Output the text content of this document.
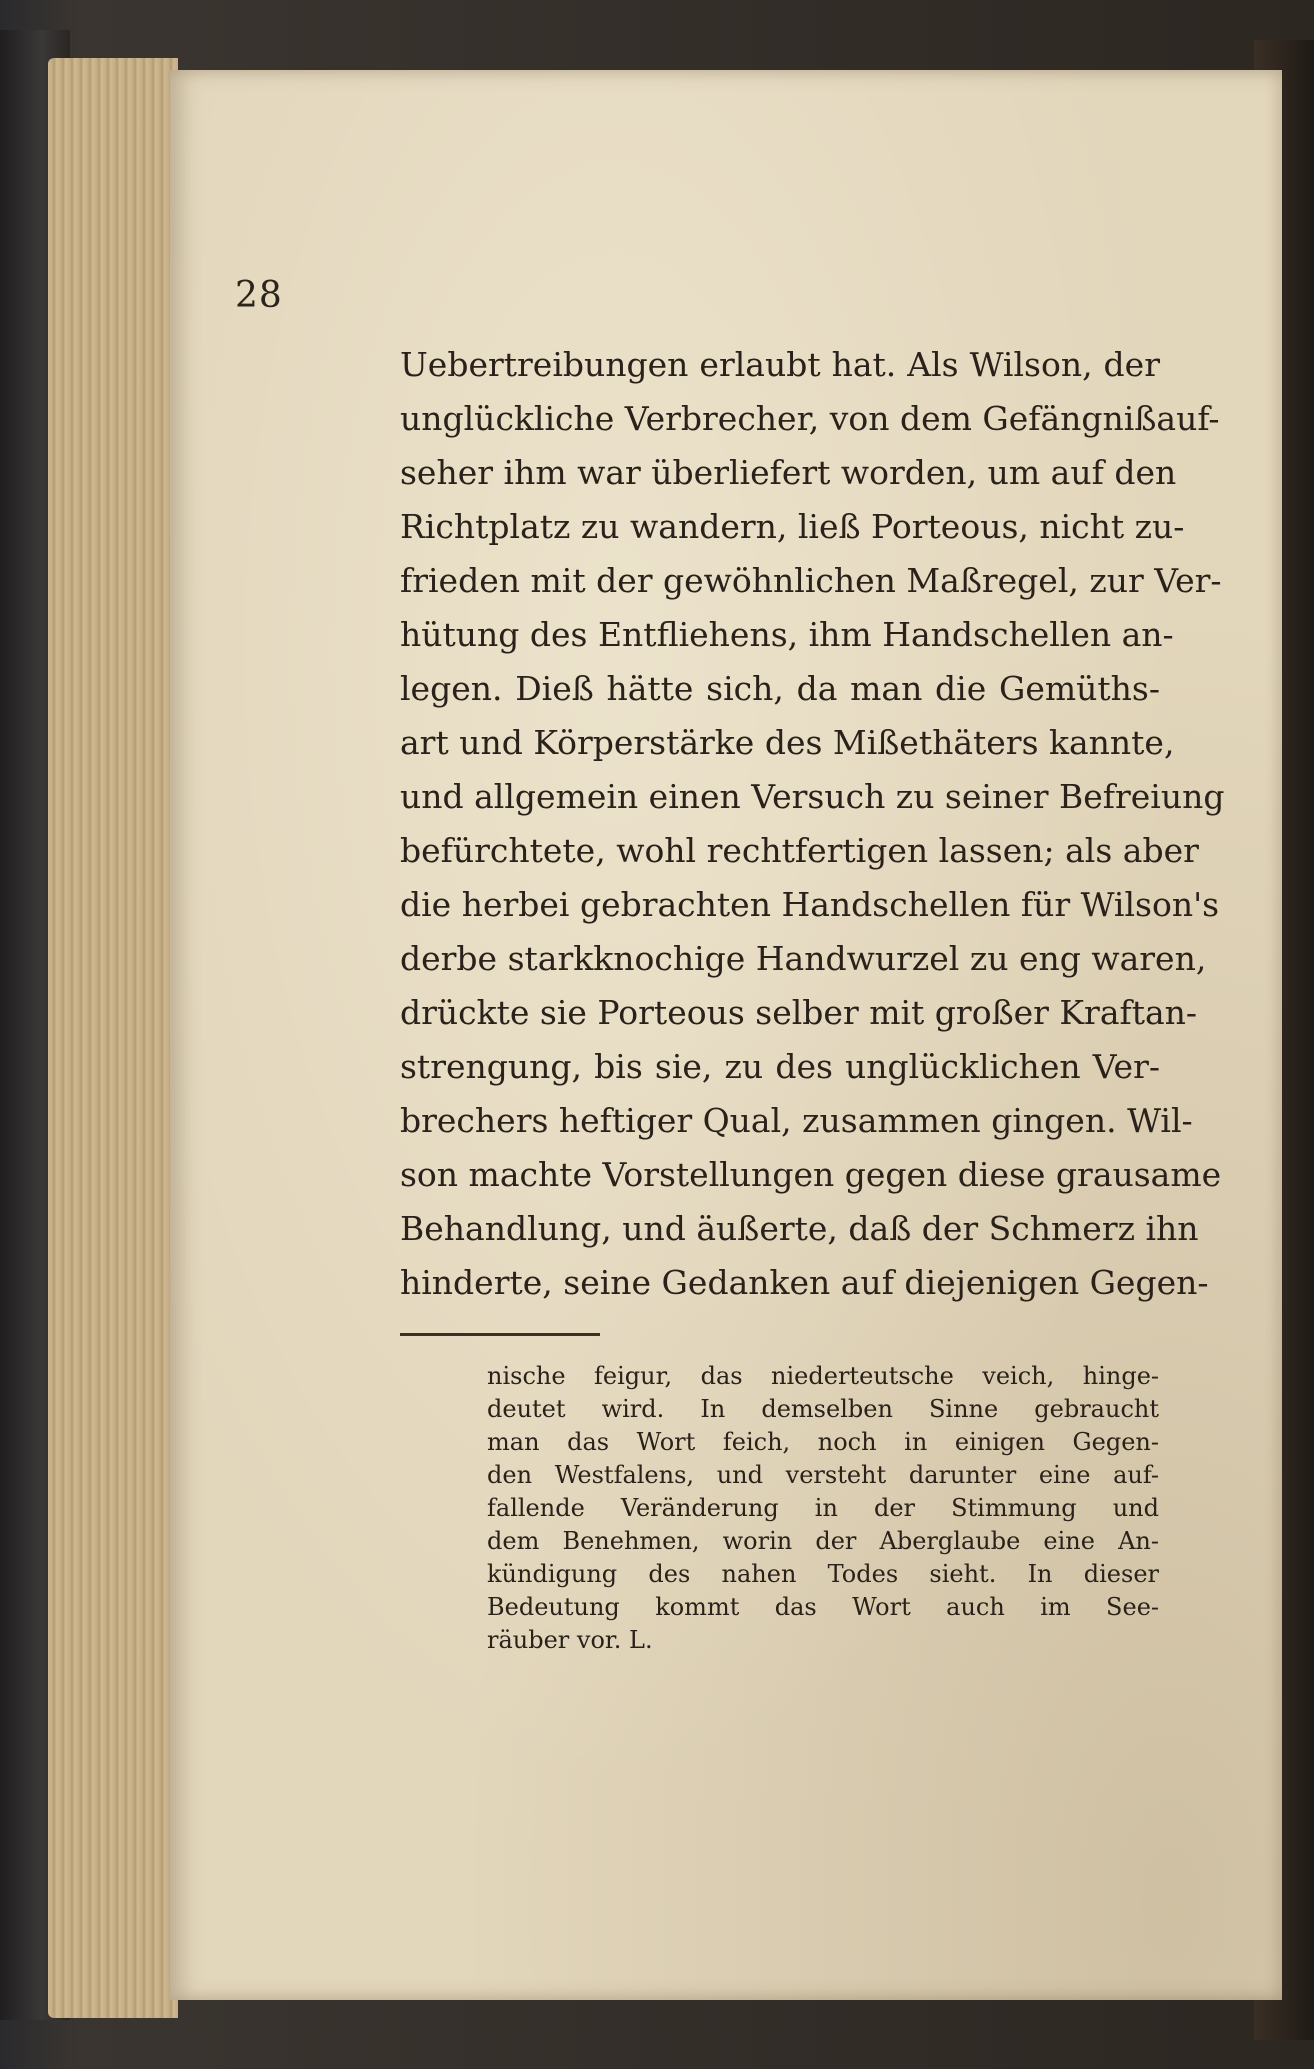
28
Uebertreibungen erlaubt hat. Als Wilson, der
unglückliche Verbrecher, von dem Gefängnißauf-
seher ihm war überliefert worden, um auf den
Richtplatz zu wandern, ließ Porteous, nicht zu-
frieden mit der gewöhnlichen Maßregel, zur Ver-
hütung des Entfliehens, ihm Handschellen an-
legen. Dieß hätte sich, da man die Gemüths-
art und Körperstärke des Mißethäters kannte,
und allgemein einen Versuch zu seiner Befreiung
befürchtete, wohl rechtfertigen lassen; als aber
die herbei gebrachten Handschellen für Wilson's
derbe starkknochige Handwurzel zu eng waren,
drückte sie Porteous selber mit großer Kraftan-
strengung, bis sie, zu des unglücklichen Ver-
brechers heftiger Qual, zusammen gingen. Wil-
son machte Vorstellungen gegen diese grausame
Behandlung, und äußerte, daß der Schmerz ihn
hinderte, seine Gedanken auf diejenigen Gegen-
nische feigur, das niederteutsche veich, hinge-
deutet wird. In demselben Sinne gebraucht
man das Wort feich, noch in einigen Gegen-
den Westfalens, und versteht darunter eine auf-
fallende Veränderung in der Stimmung und
dem Benehmen, worin der Aberglaube eine An-
kündigung des nahen Todes sieht. In dieser
Bedeutung kommt das Wort auch im See-
räuber vor. L.
